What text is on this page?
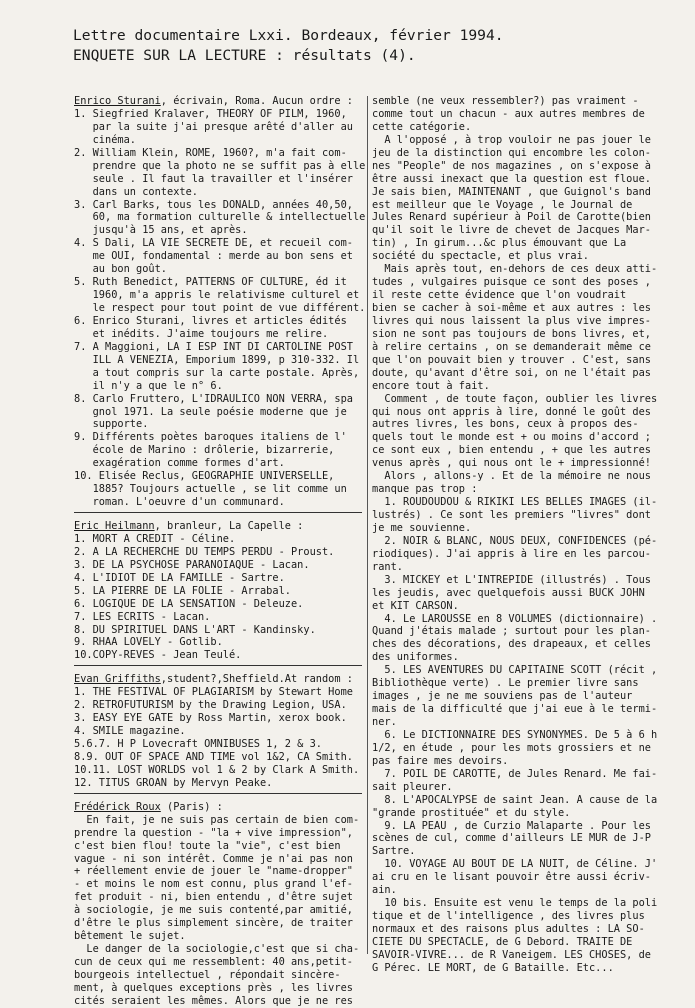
Lettre documentaire Lxxi. Bordeaux, février 1994.
ENQUETE SUR LA LECTURE : résultats (4).
Enrico Sturani, écrivain, Roma. Aucun ordre :
1. Siegfried Kralaver, THEORY OF PILM, 1960,
par la suite j'ai presque arêté d'aller au
cinéma.
2. William Klein, ROME, 1960?, m'a fait com-
prendre que la photo ne se suffit pas à elle
seule . Il faut la travailler et l'insérer
dans un contexte.
3. Carl Barks, tous les DONALD, années 40,50,
60, ma formation culturelle & intellectuelle
jusqu'à 15 ans, et après.
4. S Dali, LA VIE SECRETE DE, et recueil com-
me OUI, fondamental : merde au bon sens et
au bon goût.
5. Ruth Benedict, PATTERNS OF CULTURE, éd it
1960, m'a appris le relativisme culturel et
le respect pour tout point de vue différent.
6. Enrico Sturani, livres et articles édités
et inédits. J'aime toujours me relire.
7. A Maggioni, LA I ESP INT DI CARTOLINE POST
ILL A VENEZIA, Emporium 1899, p 310-332. Il
a tout compris sur la carte postale. Après,
il n'y a que le n° 6.
8. Carlo Fruttero, L'IDRAULICO NON VERRA, spa
gnol 1971. La seule poésie moderne que je
supporte.
9. Différents poètes baroques italiens de l'
école de Marino : drôlerie, bizarrerie,
exagération comme formes d'art.
10. Elisée Reclus, GEOGRAPHIE UNIVERSELLE,
1885? Toujours actuelle , se lit comme un
roman. L'oeuvre d'un communard.
Eric Heilmann, branleur, La Capelle :
1. MORT A CREDIT - Céline.
2. A LA RECHERCHE DU TEMPS PERDU - Proust.
3. DE LA PSYCHOSE PARANOIAQUE - Lacan.
4. L'IDIOT DE LA FAMILLE - Sartre.
5. LA PIERRE DE LA FOLIE - Arrabal.
6. LOGIQUE DE LA SENSATION - Deleuze.
7. LES ECRITS - Lacan.
8. DU SPIRITUEL DANS L'ART - Kandinsky.
9. RHAA LOVELY - Gotlib.
10.COPY-REVES - Jean Teulé.
Evan Griffiths,student?,Sheffield.At random :
1. THE FESTIVAL OF PLAGIARISM by Stewart Home
2. RETROFUTURISM by the Drawing Legion, USA.
3. EASY EYE GATE by Ross Martin, xerox book.
4. SMILE magazine.
5.6.7. H P Lovecraft OMNIBUSES 1, 2 & 3.
8.9. OUT OF SPACE AND TIME vol 1&2, CA Smith.
10.11. LOST WORLDS vol 1 & 2 by Clark A Smith.
12. TITUS GROAN by Mervyn Peake.
Frédérick Roux (Paris) :
En fait, je ne suis pas certain de bien com-
prendre la question - "la + vive impression",
c'est bien flou! toute la "vie", c'est bien
vague - ni son intérêt. Comme je n'ai pas non
+ réellement envie de jouer le "name-dropper"
- et moins le nom est connu, plus grand l'ef-
fet produit - ni, bien entendu , d'être sujet
à sociologie, je me suis contenté,par amitié,
d'être le plus simplement sincère, de traiter
bêtement le sujet.
Le danger de la sociologie,c'est que si cha-
cun de ceux qui me ressemblent: 40 ans,petit-
bourgeois intellectuel , répondait sincère-
ment, à quelques exceptions près , les livres
cités seraient les mêmes. Alors que je ne res
semble (ne veux ressembler?) pas vraiment -
comme tout un chacun - aux autres membres de
cette catégorie.
A l'opposé , à trop vouloir ne pas jouer le
jeu de la distinction qui encombre les colon-
nes "People" de nos magazines , on s'expose à
être aussi inexact que la question est floue.
Je sais bien, MAINTENANT , que Guignol's band
est meilleur que le Voyage , le Journal de
Jules Renard supérieur à Poil de Carotte(bien
qu'il soit le livre de chevet de Jacques Mar-
tin) , In girum...&c plus émouvant que La
société du spectacle, et plus vrai.
Mais après tout, en-dehors de ces deux atti-
tudes , vulgaires puisque ce sont des poses ,
il reste cette évidence que l'on voudrait
bien se cacher à soi-même et aux autres : les
livres qui nous laissent la plus vive impres-
sion ne sont pas toujours de bons livres, et,
à relire certains , on se demanderait même ce
que l'on pouvait bien y trouver . C'est, sans
doute, qu'avant d'être soi, on ne l'était pas
encore tout à fait.
Comment , de toute façon, oublier les livres
qui nous ont appris à lire, donné le goût des
autres livres, les bons, ceux à propos des-
quels tout le monde est + ou moins d'accord ;
ce sont eux , bien entendu , + que les autres
venus après , qui nous ont le + impressionné!
Alors , allons-y . Et de la mémoire ne nous
manque pas trop :
1. ROUDOUDOU & RIKIKI LES BELLES IMAGES (il-
lustrés) . Ce sont les premiers "livres" dont
je me souvienne.
2. NOIR & BLANC, NOUS DEUX, CONFIDENCES (pé-
riodiques). J'ai appris à lire en les parcou-
rant.
3. MICKEY et L'INTREPIDE (illustrés) . Tous
les jeudis, avec quelquefois aussi BUCK JOHN
et KIT CARSON.
4. Le LAROUSSE en 8 VOLUMES (dictionnaire) .
Quand j'étais malade ; surtout pour les plan-
ches des décorations, des drapeaux, et celles
des uniformes.
5. LES AVENTURES DU CAPITAINE SCOTT (récit ,
Bibliothèque verte) . Le premier livre sans
images , je ne me souviens pas de l'auteur
mais de la difficulté que j'ai eue à le termi-
ner.
6. Le DICTIONNAIRE DES SYNONYMES. De 5 à 6 h
1/2, en étude , pour les mots grossiers et ne
pas faire mes devoirs.
7. POIL DE CAROTTE, de Jules Renard. Me fai-
sait pleurer.
8. L'APOCALYPSE de saint Jean. A cause de la
"grande prostituée" et du style.
9. LA PEAU , de Curzio Malaparte . Pour les
scènes de cul, comme d'ailleurs LE MUR de J-P
Sartre.
10. VOYAGE AU BOUT DE LA NUIT, de Céline. J'
ai cru en le lisant pouvoir être aussi écriv-
ain.
10 bis. Ensuite est venu le temps de la poli
tique et de l'intelligence , des livres plus
normaux et des raisons plus adultes : LA SO-
CIETE DU SPECTACLE, de G Debord. TRAITE DE
SAVOIR-VIVRE... de R Vaneigem. LES CHOSES, de
G Pérec. LE MORT, de G Bataille. Etc...
